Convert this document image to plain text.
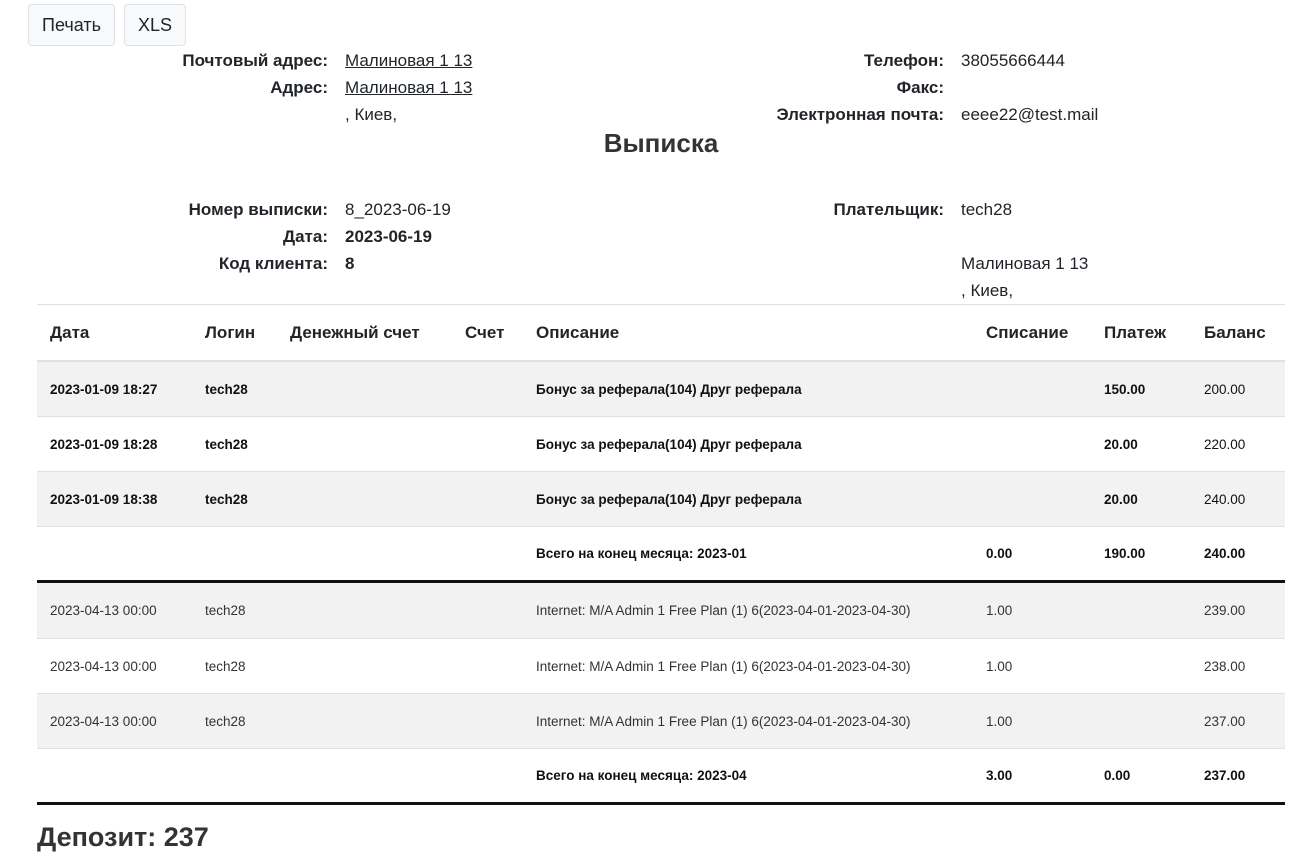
Печать	XLS
Почтовый адрес: Малиновая 1 13
Адрес: Малиновая 1 13
, Киев,
Телефон: 38055666444
Факс:
Электронная почта: eeee22@test.mail
Выписка
Номер выписки: 8_2023-06-19
Дата: 2023-06-19
Код клиента: 8
Плательщик: tech28
Малиновая 1 13
, Киев,
Дата	Логин	Денежный счет	Счет	Описание	Списание	Платеж	Баланс
2023-01-09 18:27	tech28			Бонус за реферала(104) Друг реферала		150.00	200.00
2023-01-09 18:28	tech28			Бонус за реферала(104) Друг реферала		20.00	220.00
2023-01-09 18:38	tech28			Бонус за реферала(104) Друг реферала		20.00	240.00
				Всего на конец месяца: 2023-01	0.00	190.00	240.00
2023-04-13 00:00	tech28			Internet: M/A Admin 1 Free Plan (1) 6(2023-04-01-2023-04-30)	1.00		239.00
2023-04-13 00:00	tech28			Internet: M/A Admin 1 Free Plan (1) 6(2023-04-01-2023-04-30)	1.00		238.00
2023-04-13 00:00	tech28			Internet: M/A Admin 1 Free Plan (1) 6(2023-04-01-2023-04-30)	1.00		237.00
				Всего на конец месяца: 2023-04	3.00	0.00	237.00
Депозит: 237
